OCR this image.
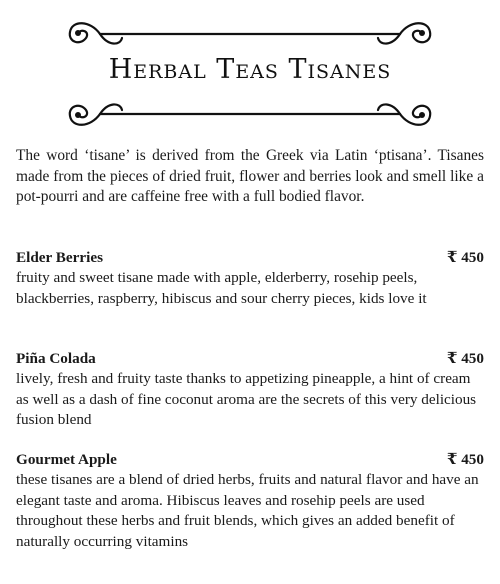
Herbal Teas Tisanes

The word ‘tisane’ is derived from the Greek via Latin ‘ptisana’. Tisanes made from the pieces of dried fruit, flower and berries look and smell like a pot-pourri and are caffeine free with a full bodied flavor.

Elder Berries	₹ 450

fruity and sweet tisane made with apple, elderberry, rosehip peels, blackberries, raspberry, hibiscus and sour cherry pieces, kids love it

Piña Colada	₹ 450

lively, fresh and fruity taste thanks to appetizing pineapple, a hint of cream as well as a dash of fine coconut aroma are the secrets of this very delicious fusion blend

Gourmet Apple	₹ 450

these tisanes are a blend of dried herbs, fruits and natural flavor and have an elegant taste and aroma. Hibiscus leaves and rosehip peels are used throughout these herbs and fruit blends, which gives an added benefit of naturally occurring vitamins
